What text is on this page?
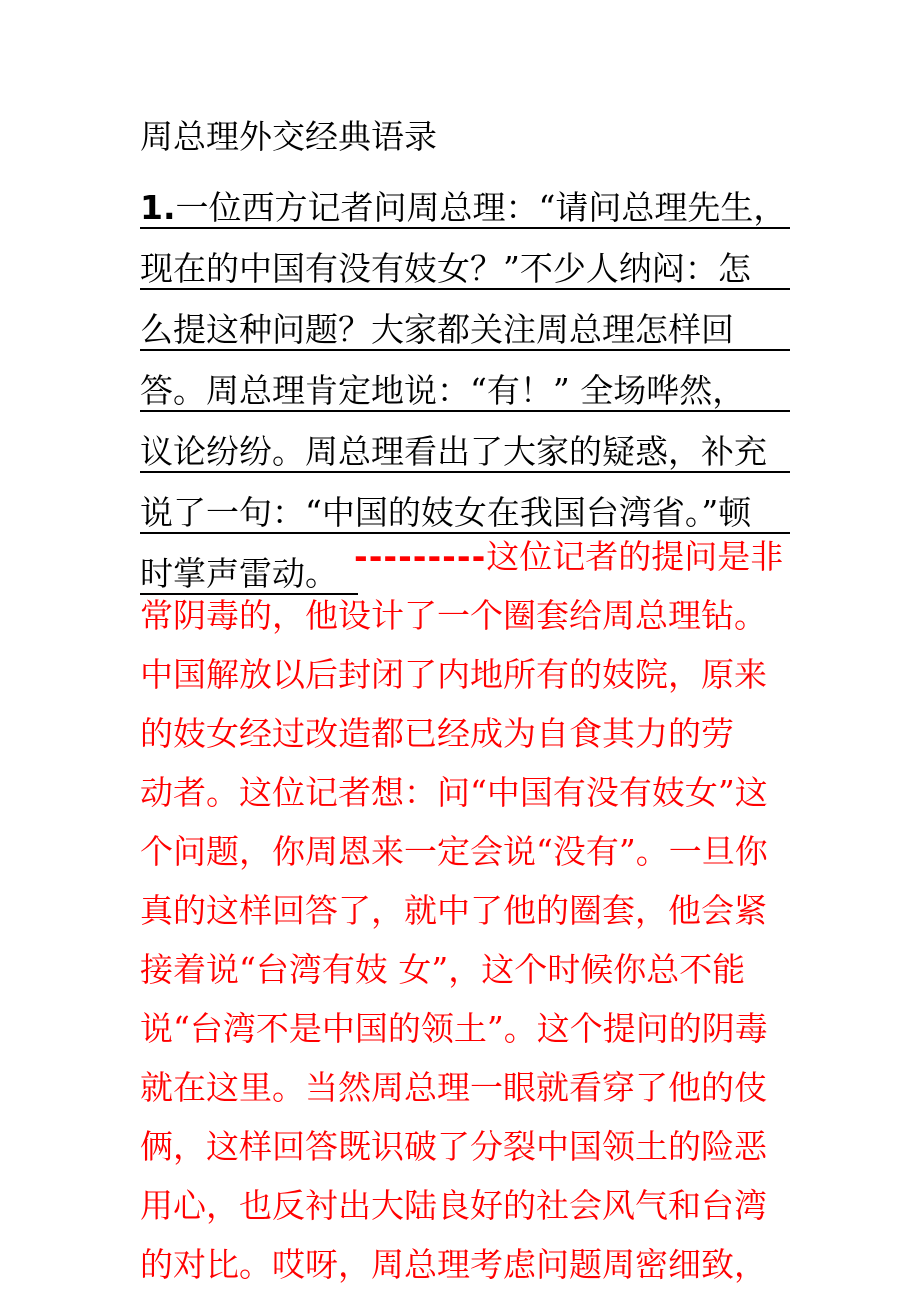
周总理外交经典语录
1.一位西方记者问周总理：“请问总理先生，
现在的中国有没有妓女？”不少人纳闷：怎
么提这种问题？大家都关注周总理怎样回
答。周总理肯定地说：“有！” 全场哗然，
议论纷纷。周总理看出了大家的疑惑，补充
说了一句：“中国的妓女在我国台湾省。”顿
时掌声雷动。 ---------这位记者的提问是非
常阴毒的，他设计了一个圈套给周总理钻。
中国解放以后封闭了内地所有的妓院，原来
的妓女经过改造都已经成为自食其力的劳
动者。这位记者想：问“中国有没有妓女”这
个问题，你周恩来一定会说“没有”。一旦你
真的这样回答了，就中了他的圈套，他会紧
接着说“台湾有妓 女”，这个时候你总不能
说“台湾不是中国的领土”。这个提问的阴毒
就在这里。当然周总理一眼就看穿了他的伎
俩，这样回答既识破了分裂中国领土的险恶
用心，也反衬出大陆良好的社会风气和台湾
的对比。哎呀，周总理考虑问题周密细致，
